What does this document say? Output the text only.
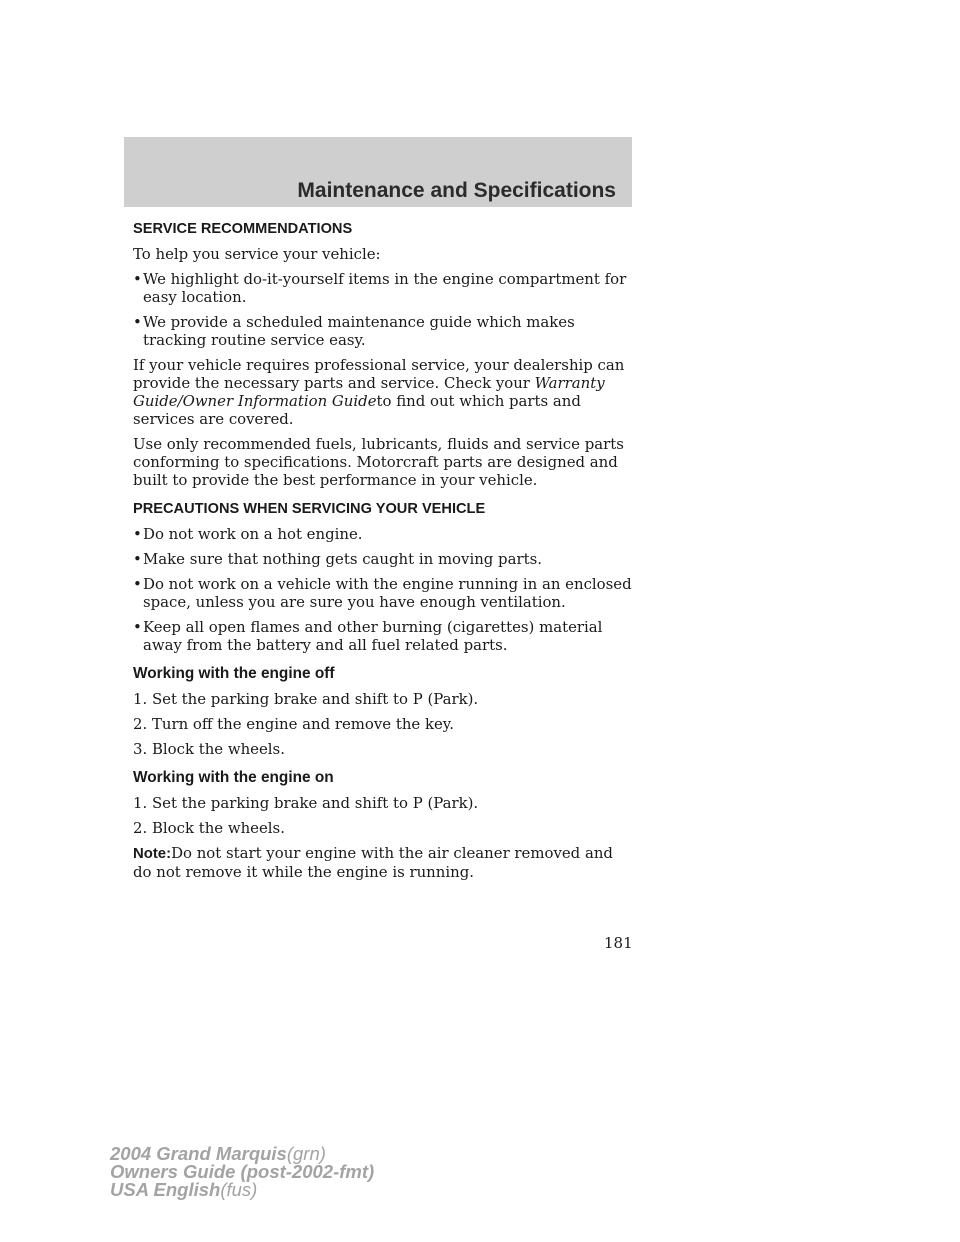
Maintenance and Specifications
SERVICE RECOMMENDATIONS

To help you service your vehicle:

• We highlight do-it-yourself items in the engine compartment for easy location.
• We provide a scheduled maintenance guide which makes tracking routine service easy.

If your vehicle requires professional service, your dealership can provide the necessary parts and service. Check your Warranty Guide/Owner Information Guideto find out which parts and services are covered.

Use only recommended fuels, lubricants, fluids and service parts conforming to specifications. Motorcraft parts are designed and built to provide the best performance in your vehicle.

PRECAUTIONS WHEN SERVICING YOUR VEHICLE
• Do not work on a hot engine.
• Make sure that nothing gets caught in moving parts.
• Do not work on a vehicle with the engine running in an enclosed space, unless you are sure you have enough ventilation.
• Keep all open flames and other burning (cigarettes) material away from the battery and all fuel related parts.
Working with the engine off

1. Set the parking brake and shift to P (Park).

2. Turn off the engine and remove the key.

3. Block the wheels.

Working with the engine on

1. Set the parking brake and shift to P (Park).

2. Block the wheels.

Note:Do not start your engine with the air cleaner removed and do not remove it while the engine is running.

181
2004 Grand Marquis(grn)
Owners Guide (post-2002-fmt)
USA English(fus)
